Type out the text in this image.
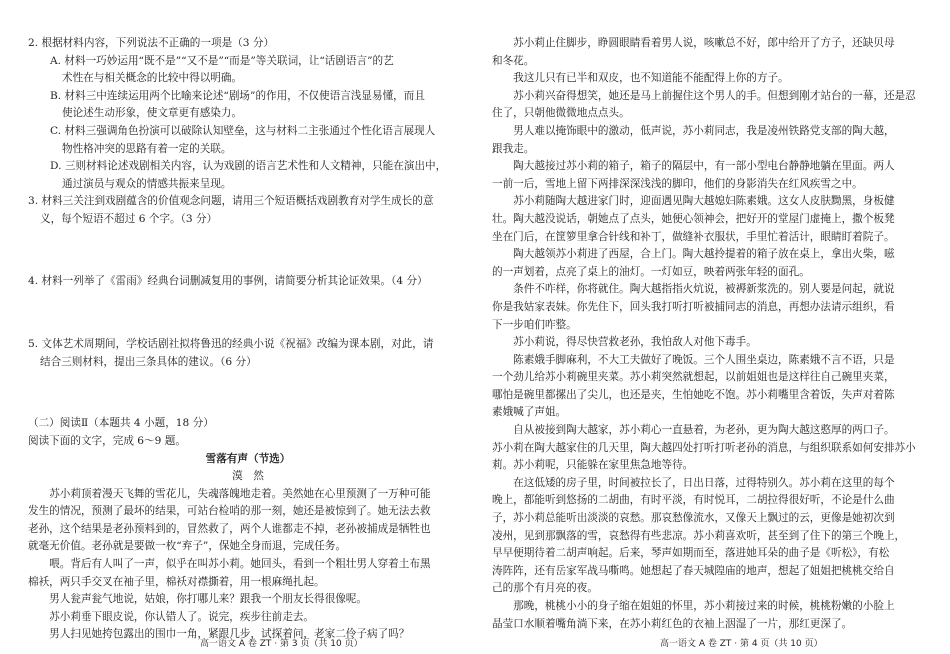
2. 根据材料内容，下列说法不正确的一项是（3 分）

A. 材料一巧妙运用“既不是”“又不是”“而是”等关联词，让“话剧语言”的艺

术性在与相关概念的比较中得以明确。

B. 材料三中连续运用两个比喻来论述“剧场”的作用，不仅使语言浅显易懂，而且

使论述生动形象，使文章更有感染力。

C. 材料三强调角色扮演可以破除认知壁垒，这与材料二主张通过个性化语言展现人

物性格冲突的思路有着一定的关联。

D. 三则材料论述戏剧相关内容，认为戏剧的语言艺术性和人文精神，只能在演出中，

通过演员与观众的情感共振来呈现。

3. 材料三关注到戏剧蕴含的价值观念问题，请用三个短语概括戏剧教育对学生成长的意

义，每个短语不超过 6 个字。（3 分）

4. 材料一列举了《雷雨》经典台词删减复用的事例，请简要分析其论证效果。（4 分）

5. 文体艺术周期间，学校话剧社拟将鲁迅的经典小说《祝福》改编为课本剧，对此，请

结合三则材料，提出三条具体的建议。（6 分）

（二）阅读Ⅱ（本题共 4 小题，18 分）

阅读下面的文字，完成 6～9 题。

雪落有声（节选）

漠　然

苏小莉顶着漫天飞舞的雪花儿，失魂落魄地走着。美然她在心里预测了一万种可能

发生的情况，预测了最坏的结果，可站台检哨的那一刻，她还是被惊到了。她无法去救

老孙，这个结果是老孙预料到的，冒然救了，两个人谁都走不掉，老孙被捕成是牺牲也

就毫无价值。老孙就是要做一枚“弃子”，保她全身而退，完成任务。

　　喂。背后有人叫了一声，似乎在叫苏小莉。她回头，看到一个粗壮男人穿着土布黑

棉袄，两只手交叉在袖子里，棉袄对襟撕着，用一根麻绳扎起。

　　男人瓮声瓮气地说，姑娘，你打哪儿来？跟我一个朋友长得很像呢。

　　苏小莉垂下眼皮说，你认错人了。说完，疾步往前走去。

　　男人扫见她挎包露出的围巾一角，紧跟几步，试探着问，老家二伶子病了吗？

　　苏小莉止住脚步，睁圆眼睛看着男人说，咳嗽总不好，郎中给开了方子，还缺贝母

和冬花。

　　我这儿只有已半和双皮，也不知道能不能配得上你的方子。

　　苏小莉兴奋得想笑，她还是马上前握住这个男人的手。但想到刚才站台的一幕，还是忍

住了，只朝他微微地点点头。

　　男人难以掩饰眼中的激动，低声说，苏小莉同志，我是凌州铁路党支部的陶大越，

跟我走。

　　陶大越接过苏小莉的箱子，箱子的隔层中，有一部小型电台静静地躺在里面。两人

一前一后，雪地上留下两排深深浅浅的脚印，他们的身影消失在红风疾雪之中。

　　苏小莉随陶大越进家门时，迎面遇见陶大越媳妇陈素娥。这女人皮肤黝黑，身板健

壮。陶大越没说话，朝她点了点头，她便心领神会，把好开的堂屋门虚掩上，撒个板凳

坐在门后，在筐箩里拿合针线和补丁，做缝补衣服状，手里忙着活计，眼睛盯着院子。

　　陶大越领苏小莉进了西屋，合上门。陶大越拎提着的箱子放在桌上，拿出火柴，嗞

的一声划着，点亮了桌上的油灯。一灯如豆，映着两张年轻的面孔。

　　条件不咋样，你将就住。陶大越指指火炕说，被褥新浆洗的。别人要是问起，就说

你是我姑家表妹。你先住下，回头我打听打听被捕同志的消息，再想办法请示组织，看

下一步咱们咋整。

　　苏小莉说，得尽快营救老孙，我怕敌人对他下毒手。

　　陈素娥手脚麻利，不大工夫做好了晚饭。三个人围坐桌边，陈素娥不言不语，只是

一个劲儿给苏小莉碗里夹菜。苏小莉突然就想起，以前姐姐也是这样往自己碗里夹菜，

哪怕是碗里都摞出了尖儿，也还是夹，生怕她吃不饱。苏小莉嘴里含着饭，失声对着陈

素娥喊了声姐。

　　自从被接到陶大越家，苏小莉心一直悬着，为老孙，更为陶大越这憨厚的两口子。

苏小莉在陶大越家住的几天里，陶大越四处打听打听老孙的消息，与组织联系如何安排苏小

莉。苏小莉呢，只能躲在家里焦急地等待。

　　在这低矮的房子里，时间被拉长了，日出日落，过得特别久。苏小莉在这里的每个

晚上，都能听到悠扬的二胡曲，有时平淡，有时悦耳，二胡拉得很好听，不论是什么曲

子，苏小莉总能听出淡淡的哀愁。那哀愁像流水，又像天上飘过的云，更像是她初次到

凌州，见到那飘落的雪，哀愁得有些悲凉。苏小莉喜欢听，甚至到了住下的第三个晚上，

早早便期待着二胡声响起。后来，琴声如期而至，落进她耳朵的曲子是《听松》，有松

涛阵阵，还有岳家军战马嘶鸣。她想起了春天城隍庙的地声，想起了姐姐把桃桃交给自

己的那个有月亮的夜。

　　那晚，桃桃小小的身子缩在姐姐的怀里，苏小莉接过来的时候，桃桃粉嫩的小脸上

晶莹口水顺着嘴角淌下来，在苏小莉红色的衣袖上洇湿了一片，那红更深了。

高一语文 A 卷 ZT · 第 3 页（共 10 页）	高一语文 A 卷 ZT · 第 4 页（共 10 页）
